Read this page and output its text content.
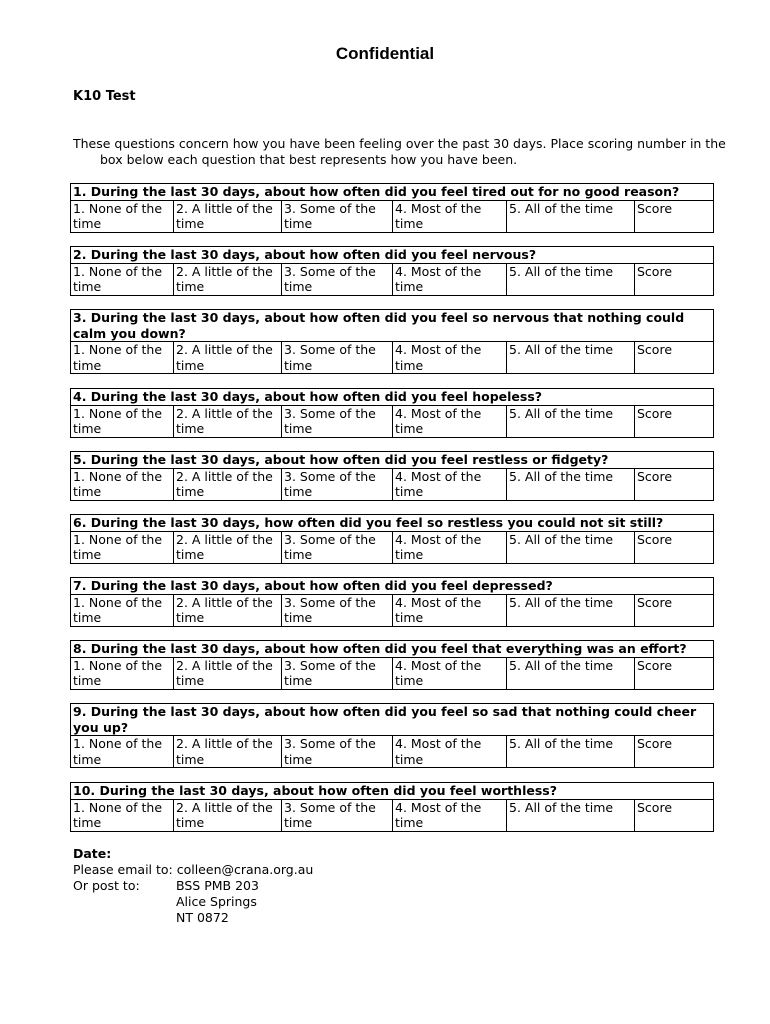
Confidential
K10 Test
These questions concern how you have been feeling over the past 30 days. Place scoring number in the box below each question that best represents how you have been.
1. During the last 30 days, about how often did you feel tired out for no good reason?
1. None of the time	2. A little of the time	3. Some of the time	4. Most of the time	5. All of the time	Score
2. During the last 30 days, about how often did you feel nervous?
1. None of the time	2. A little of the time	3. Some of the time	4. Most of the time	5. All of the time	Score
3. During the last 30 days, about how often did you feel so nervous that nothing could calm you down?
1. None of the time	2. A little of the time	3. Some of the time	4. Most of the time	5. All of the time	Score
4. During the last 30 days, about how often did you feel hopeless?
1. None of the time	2. A little of the time	3. Some of the time	4. Most of the time	5. All of the time	Score
5. During the last 30 days, about how often did you feel restless or fidgety?
1. None of the time	2. A little of the time	3. Some of the time	4. Most of the time	5. All of the time	Score
6. During the last 30 days, how often did you feel so restless you could not sit still?
1. None of the time	2. A little of the time	3. Some of the time	4. Most of the time	5. All of the time	Score
7. During the last 30 days, about how often did you feel depressed?
1. None of the time	2. A little of the time	3. Some of the time	4. Most of the time	5. All of the time	Score
8. During the last 30 days, about how often did you feel that everything was an effort?
1. None of the time	2. A little of the time	3. Some of the time	4. Most of the time	5. All of the time	Score
9. During the last 30 days, about how often did you feel so sad that nothing could cheer you up?
1. None of the time	2. A little of the time	3. Some of the time	4. Most of the time	5. All of the time	Score
10. During the last 30 days, about how often did you feel worthless?
1. None of the time	2. A little of the time	3. Some of the time	4. Most of the time	5. All of the time	Score
Date:
Please email to: colleen@crana.org.au
Or post to:	BSS PMB 203
Alice Springs
NT 0872
